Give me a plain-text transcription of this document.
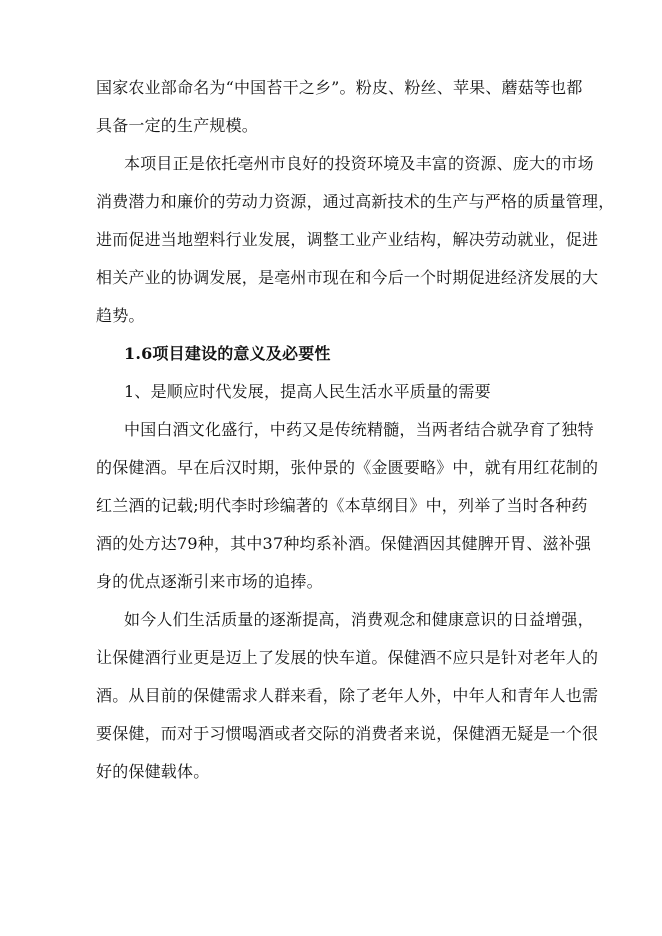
国家农业部命名为“中国苔干之乡”。粉皮、粉丝、苹果、蘑菇等也都
具备一定的生产规模。
本项目正是依托亳州市良好的投资环境及丰富的资源、庞大的市场
消费潜力和廉价的劳动力资源，通过高新技术的生产与严格的质量管理，
进而促进当地塑料行业发展，调整工业产业结构，解决劳动就业，促进
相关产业的协调发展，是亳州市现在和今后一个时期促进经济发展的大
趋势。
1.6项目建设的意义及必要性
1、是顺应时代发展，提高人民生活水平质量的需要
中国白酒文化盛行，中药又是传统精髓，当两者结合就孕育了独特
的保健酒。早在后汉时期，张仲景的《金匮要略》中，就有用红花制的
红兰酒的记载;明代李时珍编著的《本草纲目》中，列举了当时各种药
酒的处方达79种，其中37种均系补酒。保健酒因其健脾开胃、滋补强
身的优点逐渐引来市场的追捧。
如今人们生活质量的逐渐提高，消费观念和健康意识的日益增强，
让保健酒行业更是迈上了发展的快车道。保健酒不应只是针对老年人的
酒。从目前的保健需求人群来看，除了老年人外，中年人和青年人也需
要保健，而对于习惯喝酒或者交际的消费者来说，保健酒无疑是一个很
好的保健载体。
